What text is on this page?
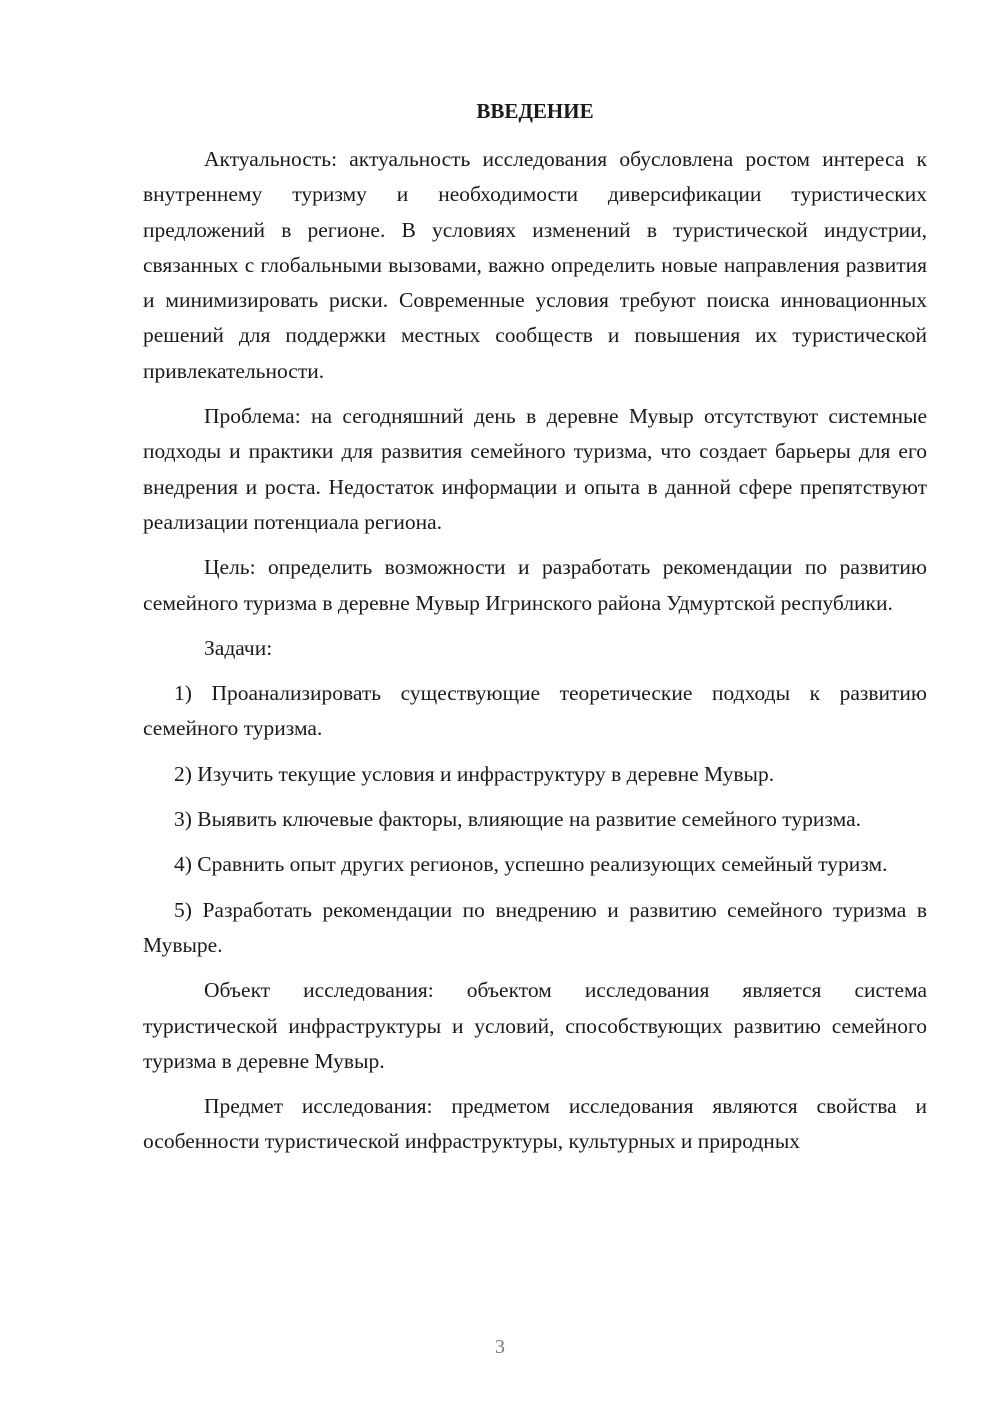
ВВЕДЕНИЕ

Актуальность: актуальность исследования обусловлена ростом интереса к внутреннему туризму и необходимости диверсификации туристических предложений в регионе. В условиях изменений в туристической индустрии, связанных с глобальными вызовами, важно определить новые направления развития и минимизировать риски. Современные условия требуют поиска инновационных решений для поддержки местных сообществ и повышения их туристической привлекательности.

Проблема: на сегодняшний день в деревне Мувыр отсутствуют системные подходы и практики для развития семейного туризма, что создает барьеры для его внедрения и роста. Недостаток информации и опыта в данной сфере препятствуют реализации потенциала региона.

Цель: определить возможности и разработать рекомендации по развитию семейного туризма в деревне Мувыр Игринского района Удмуртской республики.

Задачи:

1) Проанализировать существующие теоретические подходы к развитию семейного туризма.

2) Изучить текущие условия и инфраструктуру в деревне Мувыр.

3) Выявить ключевые факторы, влияющие на развитие семейного туризма.

4) Сравнить опыт других регионов, успешно реализующих семейный туризм.

5) Разработать рекомендации по внедрению и развитию семейного туризма в Мувыре.

Объект исследования: объектом исследования является система туристической инфраструктуры и условий, способствующих развитию семейного туризма в деревне Мувыр.

Предмет исследования: предметом исследования являются свойства и особенности туристической инфраструктуры, культурных и природных

3
